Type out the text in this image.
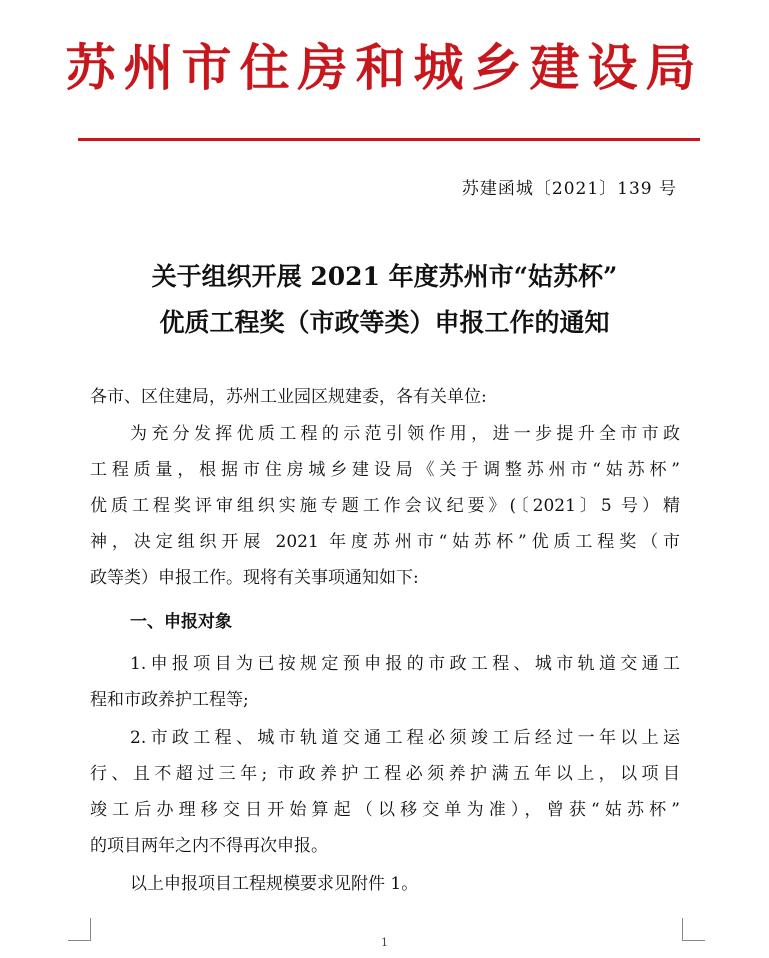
苏州市住房和城乡建设局
苏建函城〔2021〕139 号
关于组织开展 2021 年度苏州市“姑苏杯”
优质工程奖（市政等类）申报工作的通知
各市、区住建局，苏州工业园区规建委，各有关单位:
为充分发挥优质工程的示范引领作用，进一步提升全市市政
工程质量，根据市住房城乡建设局《关于调整苏州市“姑苏杯”
优质工程奖评审组织实施专题工作会议纪要》(〔2021〕5 号）精
神，决定组织开展 2021 年度苏州市“姑苏杯”优质工程奖（市
政等类）申报工作。现将有关事项通知如下:
一、申报对象
1.申报项目为已按规定预申报的市政工程、城市轨道交通工
程和市政养护工程等;
2.市政工程、城市轨道交通工程必须竣工后经过一年以上运
行、且不超过三年; 市政养护工程必须养护满五年以上，以项目
竣工后办理移交日开始算起（以移交单为准），曾获“姑苏杯”
的项目两年之内不得再次申报。
以上申报项目工程规模要求见附件 1。
1
